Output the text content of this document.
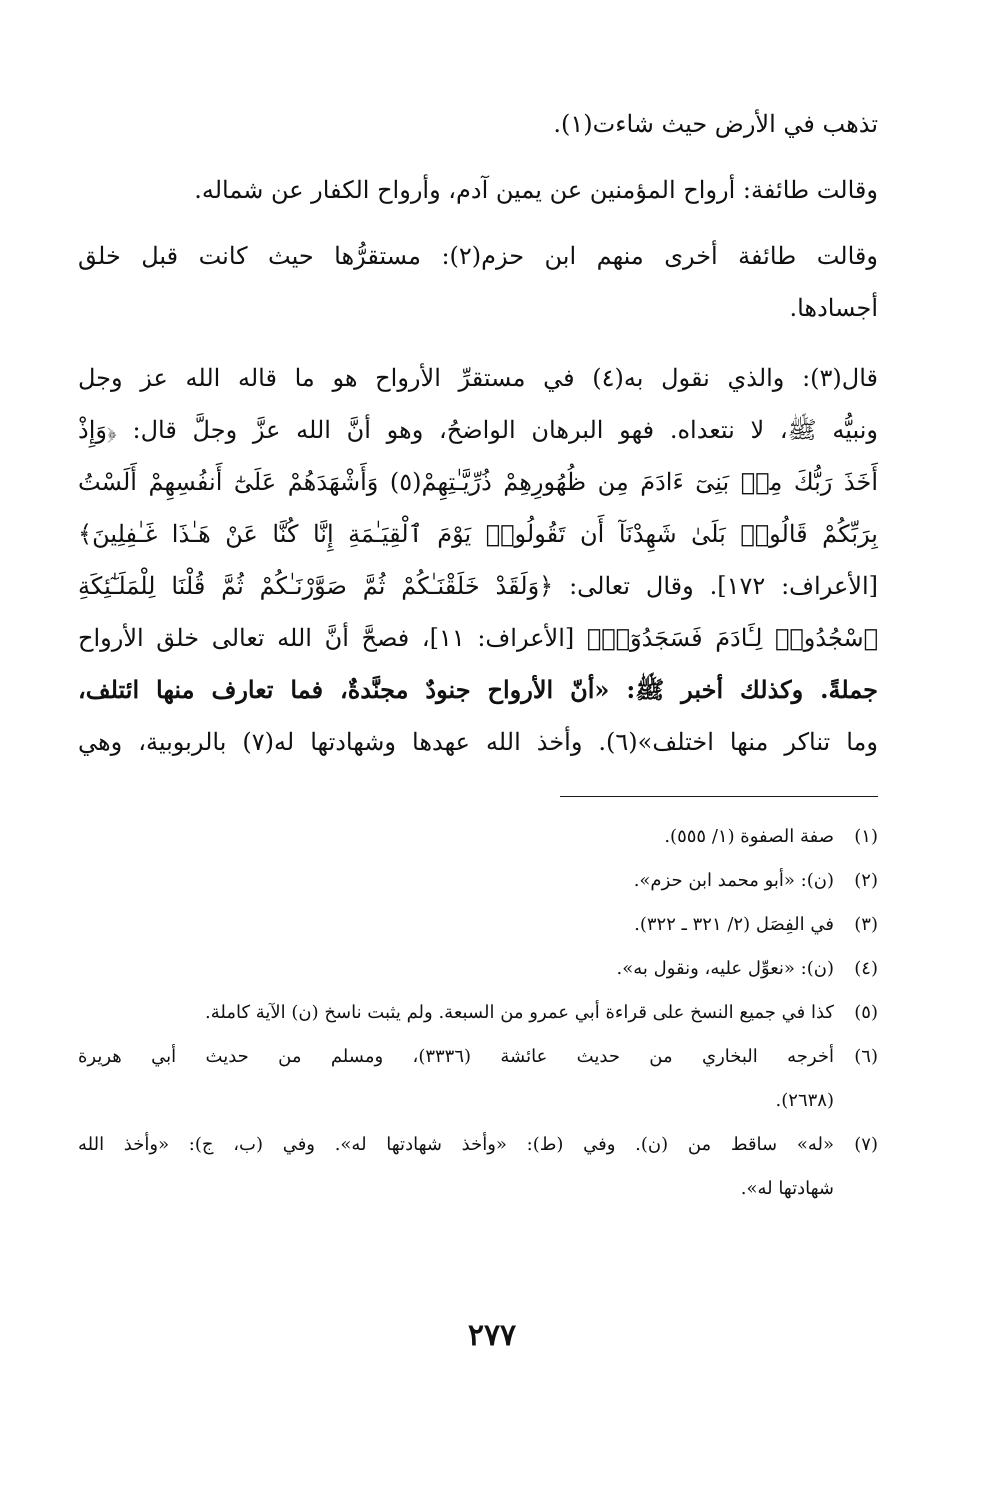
تذهب في الأرض حيث شاءت(١).
وقالت طائفة: أرواح المؤمنين عن يمين آدم، وأرواح الكفار عن شماله.
وقالت طائفة أخرى منهم ابن حزم(٢): مستقرُّها حيث كانت قبل خلق
أجسادها.
قال(٣): والذي نقول به(٤) في مستقرِّ الأرواح هو ما قاله الله عز وجل
ونبيُّه ﷺ، لا نتعداه. فهو البرهان الواضحُ، وهو أنَّ الله عزَّ وجلَّ قال: ﴿وَإِذْ
أَخَذَ رَبُّكَ مِنۢ بَنِىٓ ءَادَمَ مِن ظُهُورِهِمْ ذُرِّيَّـٰتِهِمْ(٥) وَأَشْهَدَهُمْ عَلَىٰٓ أَنفُسِهِمْ أَلَسْتُ
بِرَبِّكُمْ قَالُوا۟ بَلَىٰ شَهِدْنَآ أَن تَقُولُوا۟ يَوْمَ ٱلْقِيَـٰمَةِ إِنَّا كُنَّا عَنْ هَـٰذَا غَـٰفِلِينَ﴾
[الأعراف: ١٧٢]. وقال تعالى: ﴿وَلَقَدْ خَلَقْنَـٰكُمْ ثُمَّ صَوَّرْنَـٰكُمْ ثُمَّ قُلْنَا لِلْمَلَـٰٓئِكَةِ
ٱسْجُدُوا۟ لِـَٔادَمَ فَسَجَدُوٓا۟﴾ [الأعراف: ١١]، فصحَّ أنَّ الله تعالى خلق الأرواح
جملةً. وكذلك أخبر ﷺ: «أنّ الأرواح جنودٌ مجنَّدةٌ، فما تعارف منها ائتلف،
وما تناكر منها اختلف»(٦). وأخذ الله عهدها وشهادتها له(٧) بالربوبية، وهي
(١)
صفة الصفوة (١/ ٥٥٥).
(٢)
(ن): «أبو محمد ابن حزم».
(٣)
في الفِصَل (٢/ ٣٢١ ـ ٣٢٢).
(٤)
(ن): «نعوِّل عليه، ونقول به».
(٥)
كذا في جميع النسخ على قراءة أبي عمرو من السبعة. ولم يثبت ناسخ (ن) الآية كاملة.
(٦)
أخرجه البخاري من حديث عائشة (٣٣٣٦)، ومسلم من حديث أبي هريرة
(٢٦٣٨).
(٧)
«له» ساقط من (ن). وفي (ط): «وأخذ شهادتها له». وفي (ب، ج): «وأخذ الله
شهادتها له».
٢٧٧
